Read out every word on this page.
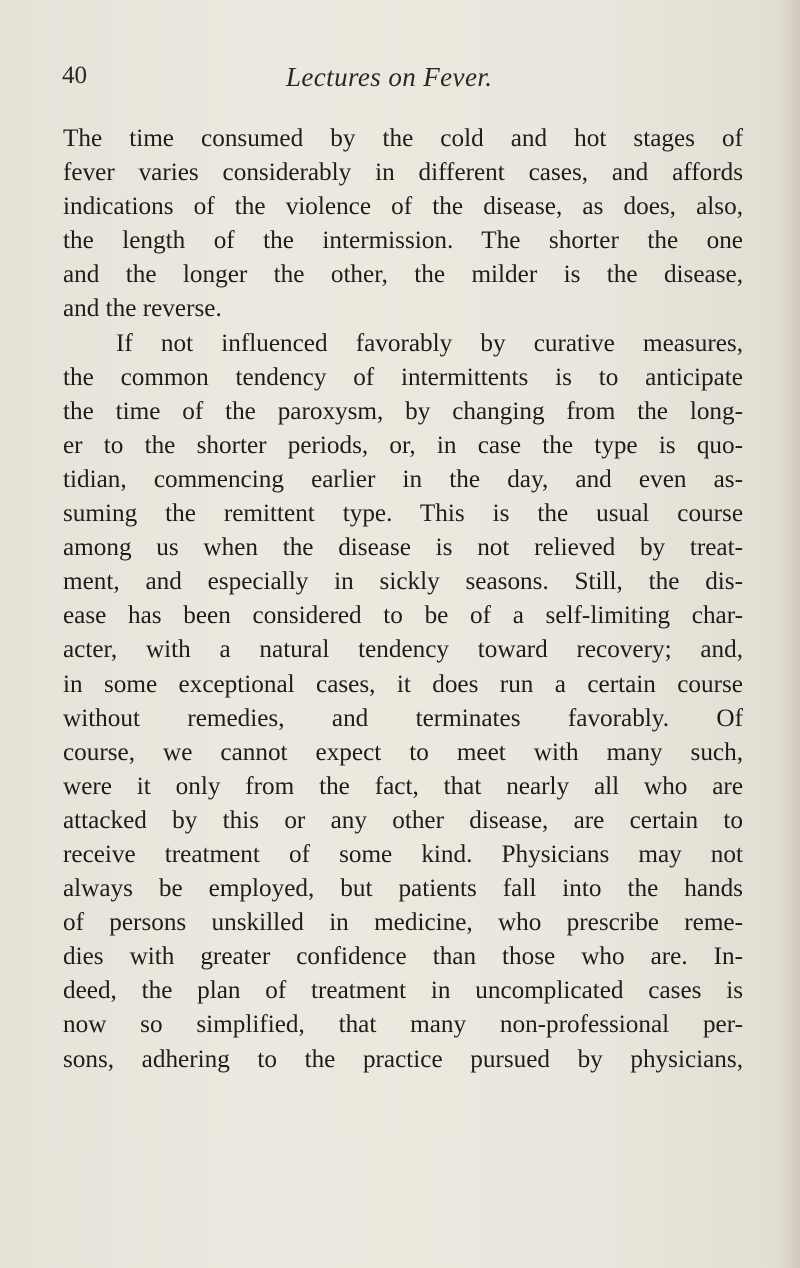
40	Lectures on Fever.
The time consumed by the cold and hot stages of
fever varies considerably in different cases, and affords
indications of the violence of the disease, as does, also,
the length of the intermission. The shorter the one
and the longer the other, the milder is the disease,
and the reverse.
If not influenced favorably by curative measures,
the common tendency of intermittents is to anticipate
the time of the paroxysm, by changing from the long-
er to the shorter periods, or, in case the type is quo-
tidian, commencing earlier in the day, and even as-
suming the remittent type. This is the usual course
among us when the disease is not relieved by treat-
ment, and especially in sickly seasons. Still, the dis-
ease has been considered to be of a self-limiting char-
acter, with a natural tendency toward recovery; and,
in some exceptional cases, it does run a certain course
without remedies, and terminates favorably. Of
course, we cannot expect to meet with many such,
were it only from the fact, that nearly all who are
attacked by this or any other disease, are certain to
receive treatment of some kind. Physicians may not
always be employed, but patients fall into the hands
of persons unskilled in medicine, who prescribe reme-
dies with greater confidence than those who are. In-
deed, the plan of treatment in uncomplicated cases is
now so simplified, that many non-professional per-
sons, adhering to the practice pursued by physicians,
